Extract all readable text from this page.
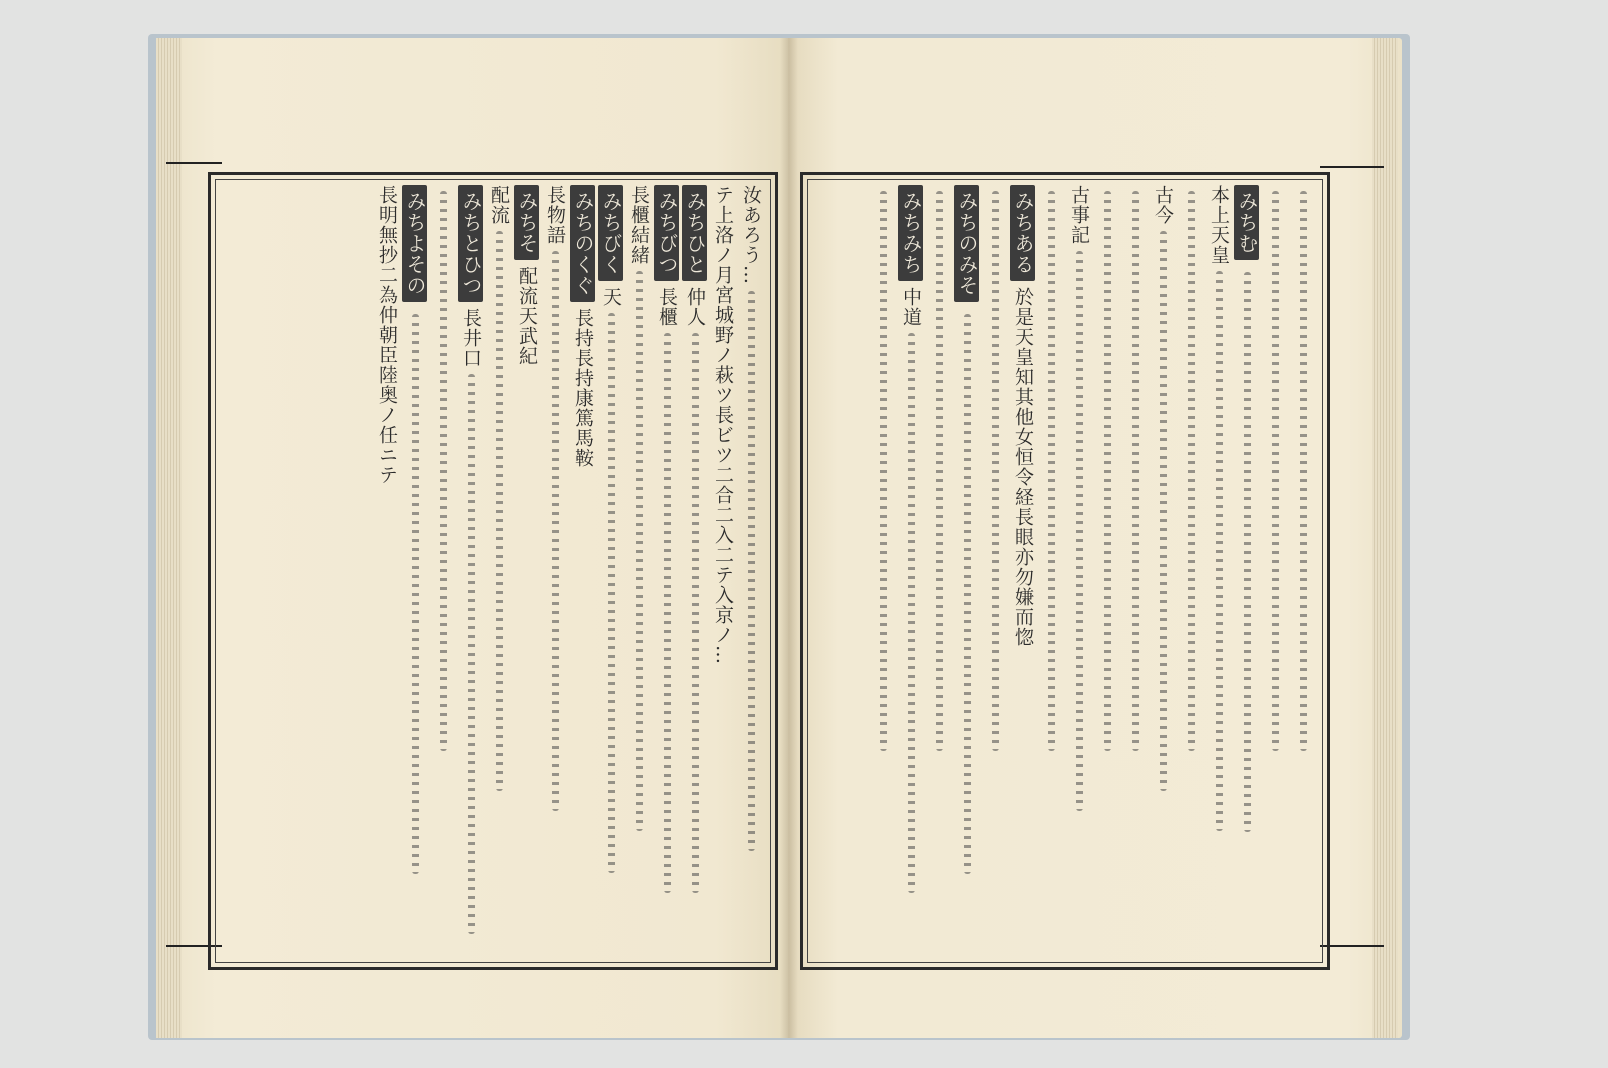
汝あろう…
テ上洛ノ月宮城野ノ萩ツ長ビツ二合二入二テ入京ノ…
みちひと仲人
みちびつ長櫃
長櫃結緒
みちびく天
みちのくぐ長持長持康篤馬鞍
長物語
みちそ配流天武紀
配流
みちとひつ長井口
みちよその
長明無抄二為仲朝臣陸奥ノ任ニテ	みちむ
本上天皇
古今
古事記
みちある於是天皇知其他女恒令経長眼亦勿嫌而惚
みちのみそ
みちみち中道
